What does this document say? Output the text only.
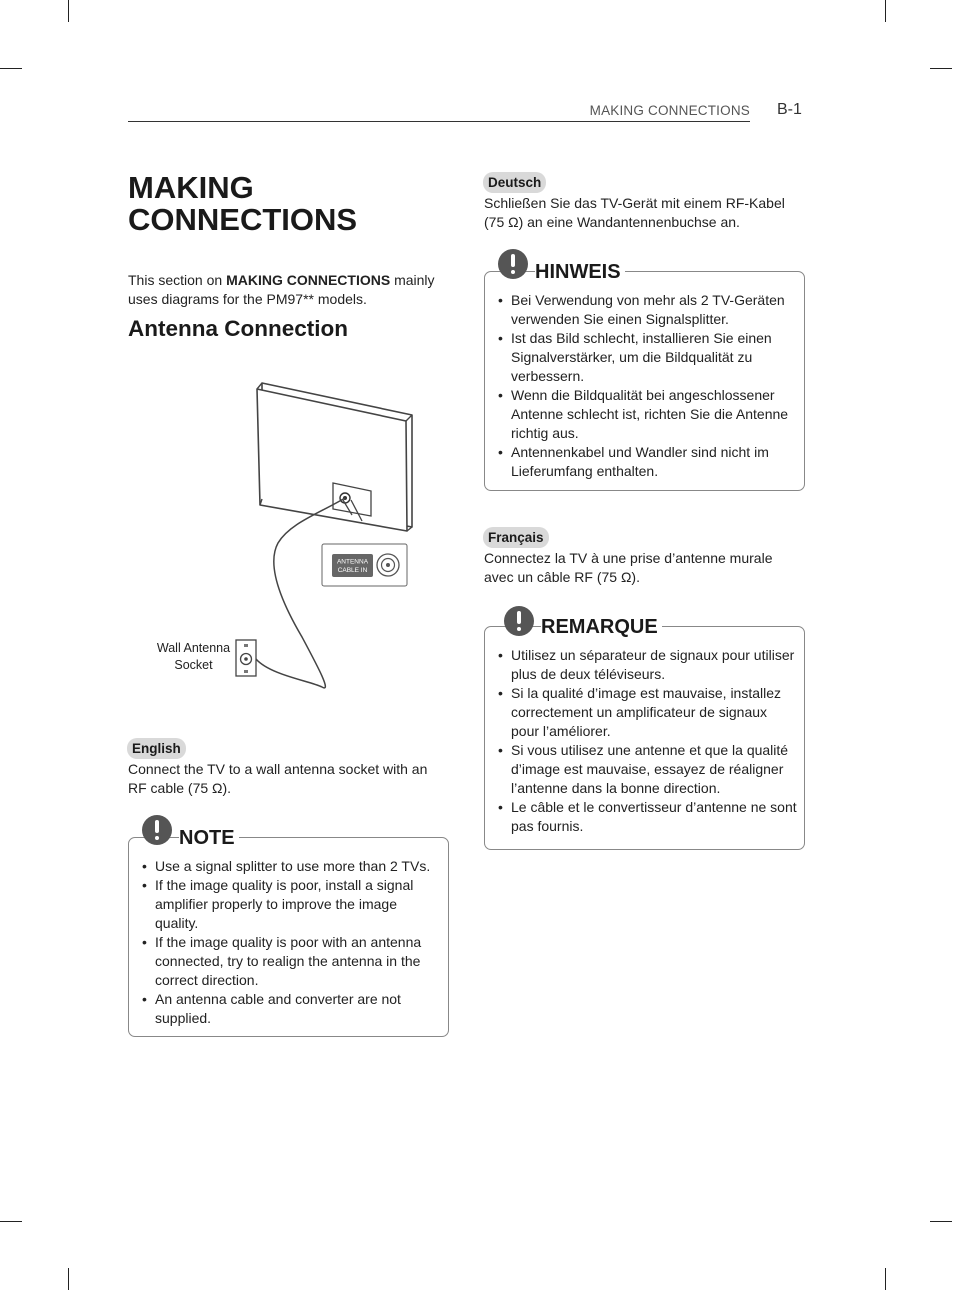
MAKING CONNECTIONS B-1
MAKING CONNECTIONS

This section on MAKING CONNECTIONS mainly uses diagrams for the PM97** models.

Antenna Connection
ANTENNA
CABLE IN
Wall Antenna
Socket
English

Connect the TV to a wall antenna socket with an RF cable (75 Ω).

NOTE
• Use a signal splitter to use more than 2 TVs.
• If the image quality is poor, install a signal amplifier properly to improve the image quality.
• If the image quality is poor with an antenna connected, try to realign the antenna in the correct direction.
• An antenna cable and converter are not supplied.
Deutsch

Schließen Sie das TV-Gerät mit einem RF-Kabel (75 Ω) an eine Wandantennenbuchse an.

HINWEIS
• Bei Verwendung von mehr als 2 TV-Geräten verwenden Sie einen Signalsplitter.
• Ist das Bild schlecht, installieren Sie einen Signalverstärker, um die Bildqualität zu verbessern.
• Wenn die Bildqualität bei angeschlossener Antenne schlecht ist, richten Sie die Antenne richtig aus.
• Antennenkabel und Wandler sind nicht im Lieferumfang enthalten.
Français

Connectez la TV à une prise d’antenne murale avec un câble RF (75 Ω).

REMARQUE
• Utilisez un séparateur de signaux pour utiliser plus de deux téléviseurs.
• Si la qualité d’image est mauvaise, installez correctement un amplificateur de signaux pour l’améliorer.
• Si vous utilisez une antenne et que la qualité d’image est mauvaise, essayez de réaligner l’antenne dans la bonne direction.
• Le câble et le convertisseur d’antenne ne sont pas fournis.
